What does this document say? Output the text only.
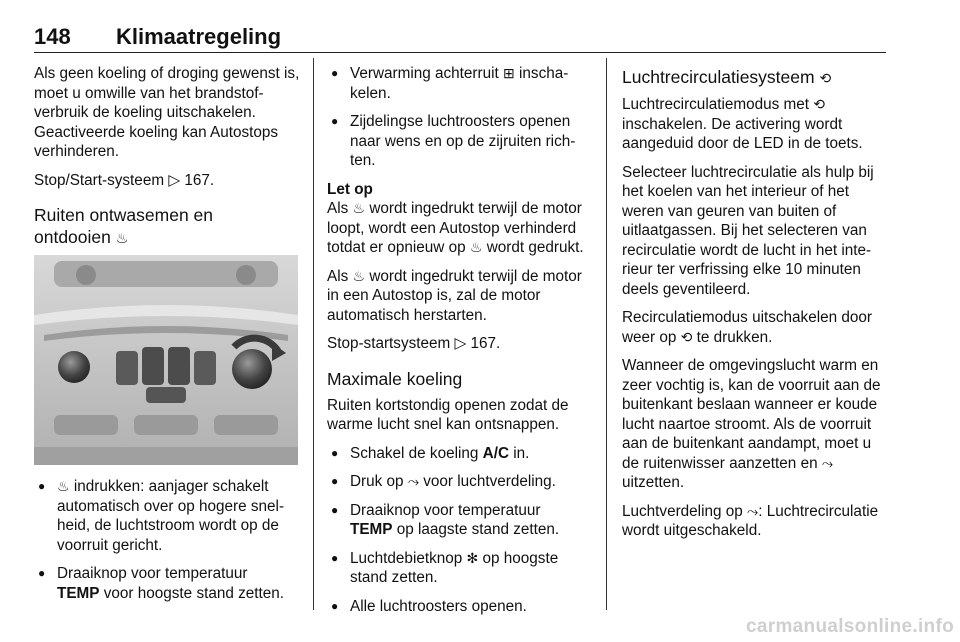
148 Klimaatregeling

Als geen koeling of droging gewenst is, moet u omwille van het brandstofverbruik de koeling uitschakelen. Geactiveerde koeling kan Autostops verhinderen.

Stop/Start-systeem ▷ 167.

Ruiten ontwasemen en
ontdooien ♨
● ♨ indrukken: aanjager schakelt automatisch over op hogere snelheid, de luchtstroom wordt op de voorruit gericht.
● Draaiknop voor temperatuur
TEMP voor hoogste stand zetten.
● Verwarming achterruit ⊞ inschakelen.
● Zijdelingse luchtroosters openen naar wens en op de zijruiten richten.
Let op

Als ♨ wordt ingedrukt terwijl de motor loopt, wordt een Autostop verhinderd totdat er opnieuw op ♨ wordt gedrukt.

Als ♨ wordt ingedrukt terwijl de motor in een Autostop is, zal de motor automatisch herstarten.

Stop-startsysteem ▷ 167.

Maximale koeling

Ruiten kortstondig openen zodat de warme lucht snel kan ontsnappen.

● Schakel de koeling A/C in.
● Druk op ⤳ voor luchtverdeling.
● Draaiknop voor temperatuur
TEMP op laagste stand zetten.
● Luchtdebietknop ✻ op hoogste stand zetten.
● Alle luchtroosters openen.
Luchtrecirculatiesysteem ⟲

Luchtrecirculatiemodus met ⟲ inschakelen. De activering wordt aangeduid door de LED in de toets.

Selecteer luchtrecirculatie als hulp bij het koelen van het interieur of het weren van geuren van buiten of uitlaatgassen. Bij het selecteren van recirculatie wordt de lucht in het interieur ter verfrissing elke 10 minuten deels geventileerd.

Recirculatiemodus uitschakelen door weer op ⟲ te drukken.

Wanneer de omgevingslucht warm en zeer vochtig is, kan de voorruit aan de buitenkant beslaan wanneer er koude lucht naartoe stroomt. Als de voorruit aan de buitenkant aandampt, moet u de ruitenwisser aanzetten en ⤳ uitzetten.

Luchtverdeling op ⤳: Luchtrecirculatie wordt uitgeschakeld.

carmanualsonline.info
